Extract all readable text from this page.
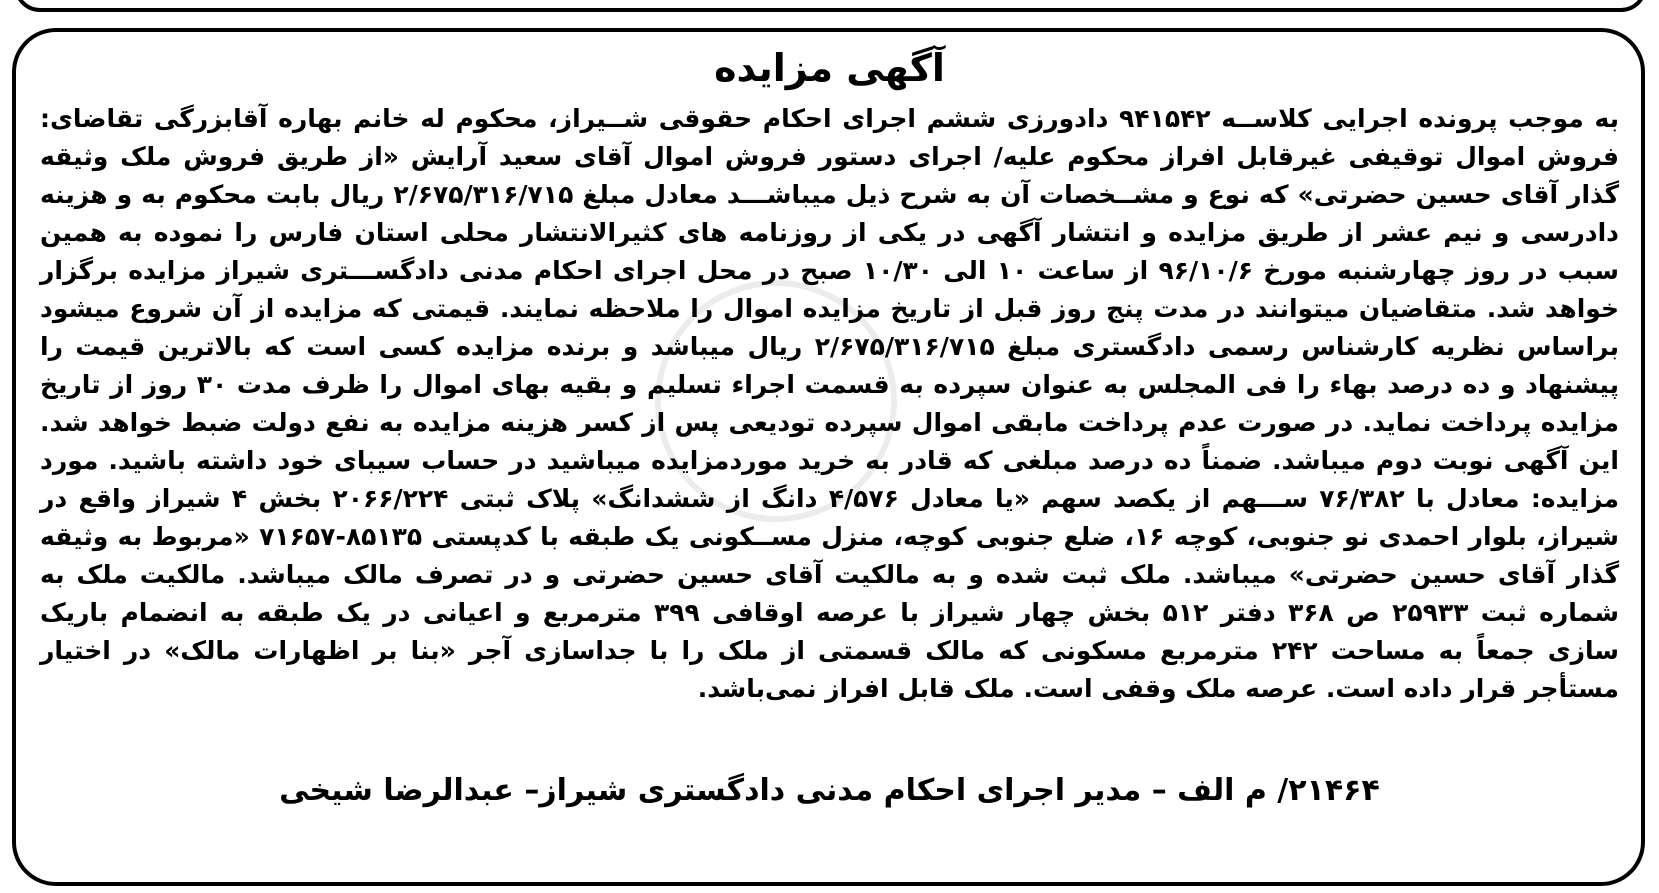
آگهی مزایده

به موجب پرونده اجرایی کلاســه ۹۴۱۵۴۲ دادورزی ششم اجرای احکام حقوقی شــیراز، محکوم له خانم بهاره آقابزرگی تقاضای: فروش اموال توقیفی غیرقابل افراز محکوم علیه/ اجرای دستور فروش اموال آقای سعید آرایش «از طریق فروش ملک وثیقه گذار آقای حسین حضرتی» که نوع و مشــخصات آن به شرح ذیل میباشـــد معادل مبلغ ۲/۶۷۵/۳۱۶/۷۱۵ ریال بابت محکوم به و هزینه دادرسی و نیم عشر از طریق مزایده و انتشار آگهی در یکی از روزنامه های کثیرالانتشار محلی استان فارس را نموده به همین سبب در روز چهارشنبه مورخ ۹۶/۱۰/۶ از ساعت ۱۰ الی ۱۰/۳۰ صبح در محل اجرای احکام مدنی دادگســـتری شیراز مزایده برگزار خواهد شد. متقاضیان میتوانند در مدت پنج روز قبل از تاریخ مزایده اموال را ملاحظه نمایند. قیمتی که مزایده از آن شروع میشود براساس نظریه کارشناس رسمی دادگستری مبلغ ۲/۶۷۵/۳۱۶/۷۱۵ ریال میباشد و برنده مزایده کسی است که بالاترین قیمت را پیشنهاد و ده درصد بهاء را فی المجلس به عنوان سپرده به قسمت اجراء تسلیم و بقیه بهای اموال را ظرف مدت ۳۰ روز از تاریخ مزایده پرداخت نماید. در صورت عدم پرداخت مابقی اموال سپرده تودیعی پس از کسر هزینه مزایده به نفع دولت ضبط خواهد شد. این آگهی نوبت دوم میباشد. ضمناً ده درصد مبلغی که قادر به خرید موردمزایده میباشید در حساب سیبای خود داشته باشید. مورد مزایده: معادل با ۷۶/۳۸۲ ســـهم از یکصد سهم «یا معادل ۴/۵۷۶ دانگ از ششدانگ» پلاک ثبتی ۲۰۶۶/۲۲۴ بخش ۴ شیراز واقع در شیراز، بلوار احمدی نو جنوبی، کوچه ۱۶، ضلع جنوبی کوچه، منزل مســکونی یک طبقه با کدپستی ۸۵۱۳۵-۷۱۶۵۷ «مربوط به وثیقه گذار آقای حسین حضرتی» میباشد. ملک ثبت شده و به مالکیت آقای حسین حضرتی و در تصرف مالک میباشد. مالکیت ملک به شماره ثبت ۲۵۹۳۳ ص ۳۶۸ دفتر ۵۱۲ بخش چهار شیراز با عرصه اوقافی ۳۹۹ مترمربع و اعیانی در یک طبقه به انضمام باریک سازی جمعاً به مساحت ۲۴۲ مترمربع مسکونی که مالک قسمتی از ملک را با جداسازی آجر «بنا بر اظهارات مالک» در اختیار مستأجر قرار داده است. عرصه ملک وقفی است. ملک قابل افراز نمی‌باشد.

۲۱۴۶۴/ م الف – مدیر اجرای احکام مدنی دادگستری شیراز– عبدالرضا شیخی
